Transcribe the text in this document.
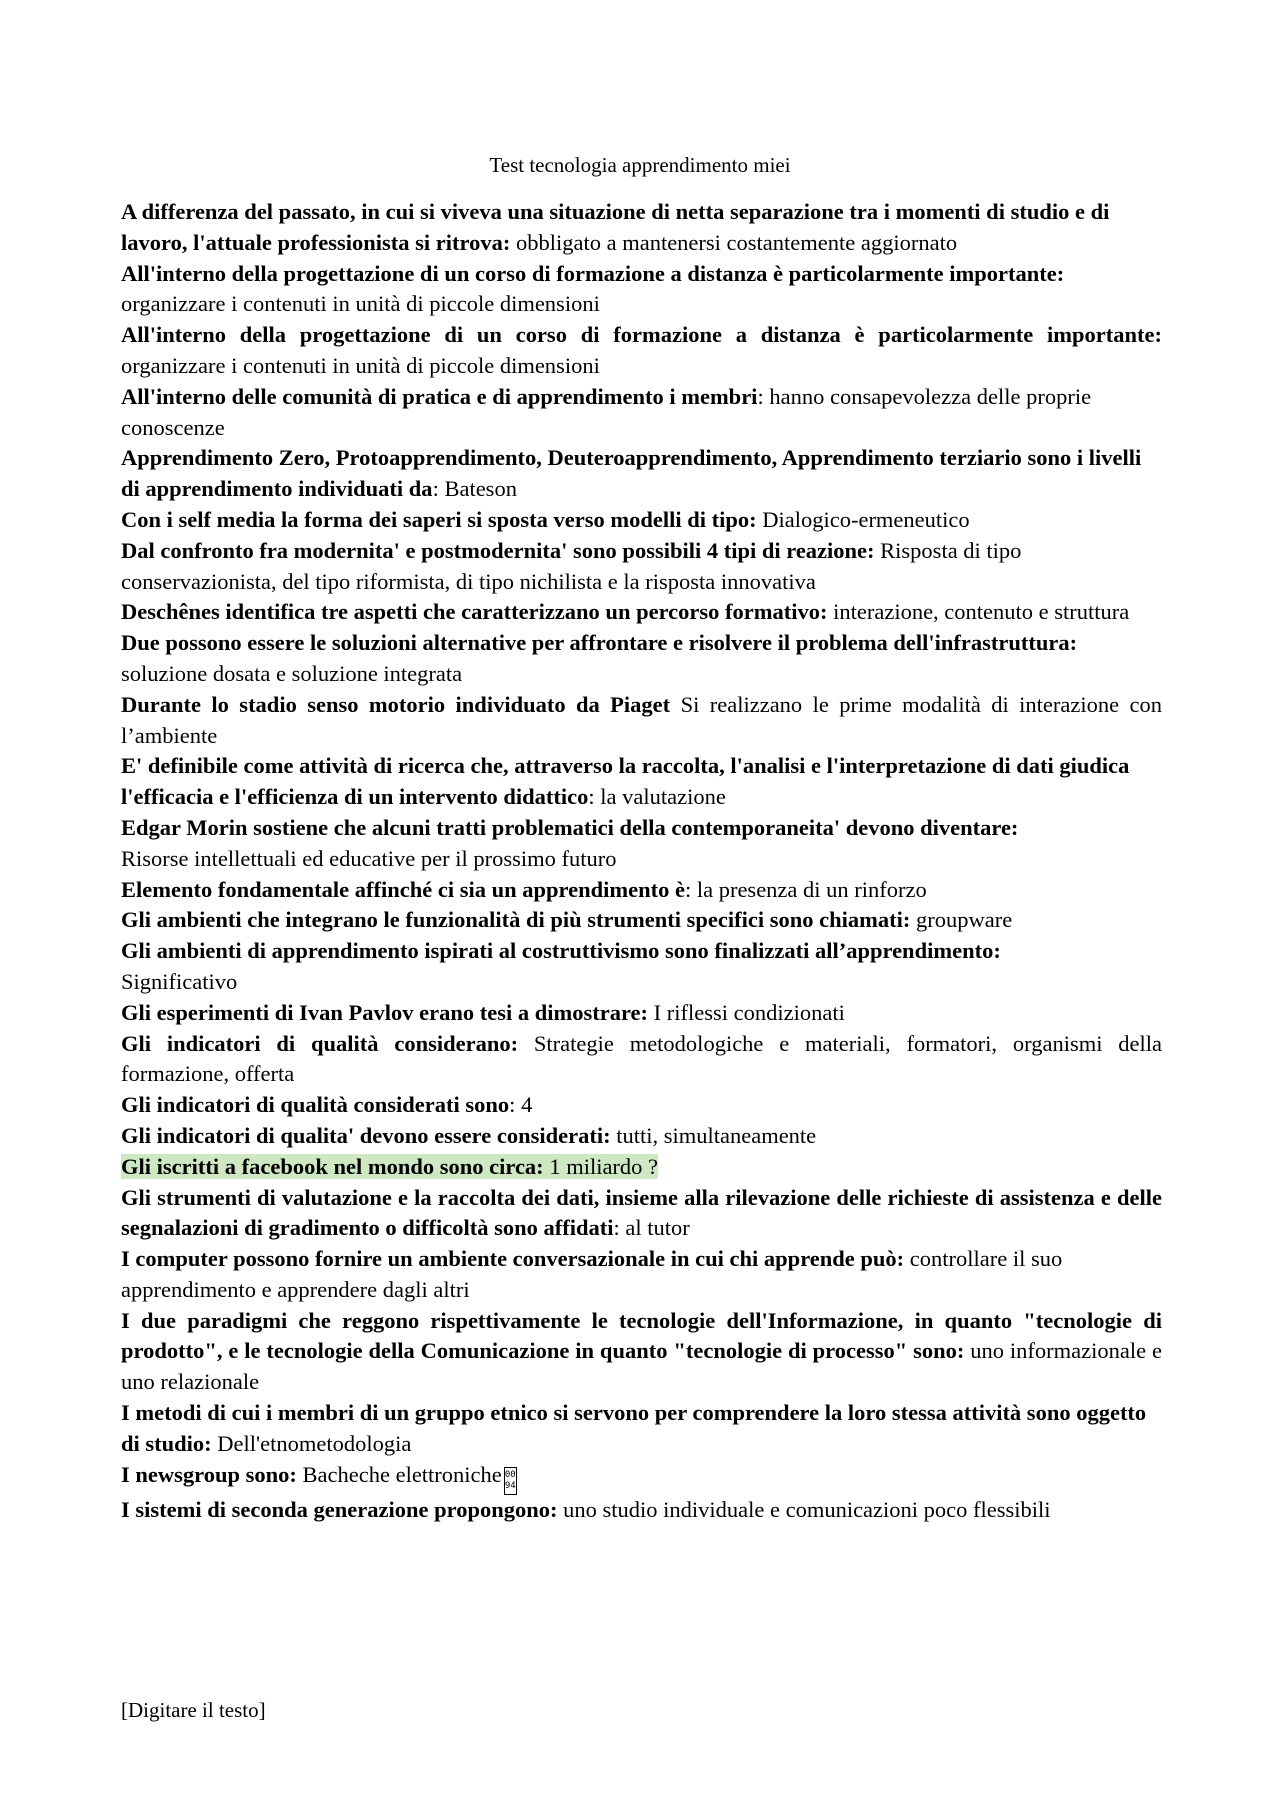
Test tecnologia apprendimento miei

A differenza del passato, in cui si viveva una situazione di netta separazione tra i momenti di studio e di lavoro, l'attuale professionista si ritrova: obbligato a mantenersi costantemente aggiornato

All'interno della progettazione di un corso di formazione a distanza è particolarmente importante:
organizzare i contenuti in unità di piccole dimensioni

All'interno della progettazione di un corso di formazione a distanza è particolarmente importante: organizzare i contenuti in unità di piccole dimensioni

All'interno delle comunità di pratica e di apprendimento i membri: hanno consapevolezza delle proprie conoscenze

Apprendimento Zero, Protoapprendimento, Deuteroapprendimento, Apprendimento terziario sono i livelli di apprendimento individuati da: Bateson

Con i self media la forma dei saperi si sposta verso modelli di tipo: Dialogico-ermeneutico

Dal confronto fra modernita' e postmodernita' sono possibili 4 tipi di reazione: Risposta di tipo conservazionista, del tipo riformista, di tipo nichilista e la risposta innovativa

Deschênes identifica tre aspetti che caratterizzano un percorso formativo: interazione, contenuto e struttura

Due possono essere le soluzioni alternative per affrontare e risolvere il problema dell'infrastruttura:
soluzione dosata e soluzione integrata

Durante lo stadio senso motorio individuato da Piaget Si realizzano le prime modalità di interazione con l’ambiente

E' definibile come attività di ricerca che, attraverso la raccolta, l'analisi e l'interpretazione di dati giudica l'efficacia e l'efficienza di un intervento didattico: la valutazione

Edgar Morin sostiene che alcuni tratti problematici della contemporaneita' devono diventare:
Risorse intellettuali ed educative per il prossimo futuro

Elemento fondamentale affinché ci sia un apprendimento è: la presenza di un rinforzo

Gli ambienti che integrano le funzionalità di più strumenti specifici sono chiamati: groupware

Gli ambienti di apprendimento ispirati al costruttivismo sono finalizzati all’apprendimento:
Significativo

Gli esperimenti di Ivan Pavlov erano tesi a dimostrare: I riflessi condizionati

Gli indicatori di qualità considerano: Strategie metodologiche e materiali, formatori, organismi della formazione, offerta

Gli indicatori di qualità considerati sono: 4

Gli indicatori di qualita' devono essere considerati: tutti, simultaneamente

Gli iscritti a facebook nel mondo sono circa: 1 miliardo ?

Gli strumenti di valutazione e la raccolta dei dati, insieme alla rilevazione delle richieste di assistenza e delle segnalazioni di gradimento o difficoltà sono affidati: al tutor

I computer possono fornire un ambiente conversazionale in cui chi apprende può: controllare il suo apprendimento e apprendere dagli altri

I due paradigmi che reggono rispettivamente le tecnologie dell'Informazione, in quanto "tecnologie di prodotto", e le tecnologie della Comunicazione in quanto "tecnologie di processo" sono: uno informazionale e uno relazionale

I metodi di cui i membri di un gruppo etnico si servono per comprendere la loro stessa attività sono oggetto di studio: Dell'etnometodologia

I newsgroup sono: Bacheche elettroniche 00
94

I sistemi di seconda generazione propongono: uno studio individuale e comunicazioni poco flessibili

[Digitare il testo]
